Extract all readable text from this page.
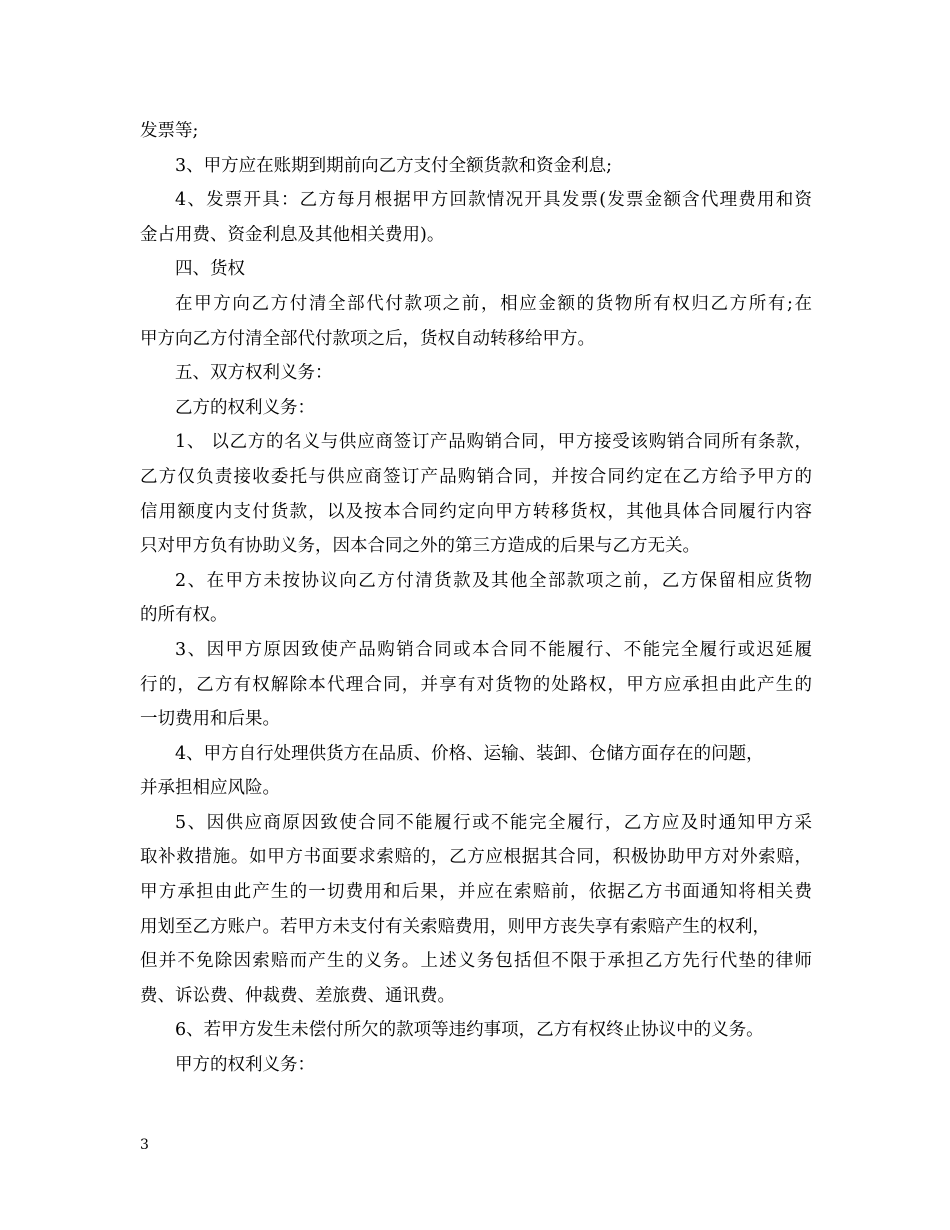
发票等;
3、甲方应在账期到期前向乙方支付全额货款和资金利息;
4、发票开具：乙方每月根据甲方回款情况开具发票(发票金额含代理费用和资
金占用费、资金利息及其他相关费用)。
四、货权
在甲方向乙方付清全部代付款项之前，相应金额的货物所有权归乙方所有;在
甲方向乙方付清全部代付款项之后，货权自动转移给甲方。
五、双方权利义务：
乙方的权利义务：
1、 以乙方的名义与供应商签订产品购销合同，甲方接受该购销合同所有条款，
乙方仅负责接收委托与供应商签订产品购销合同，并按合同约定在乙方给予甲方的
信用额度内支付货款，以及按本合同约定向甲方转移货权，其他具体合同履行内容
只对甲方负有协助义务，因本合同之外的第三方造成的后果与乙方无关。
2、在甲方未按协议向乙方付清货款及其他全部款项之前，乙方保留相应货物
的所有权。
3、因甲方原因致使产品购销合同或本合同不能履行、不能完全履行或迟延履
行的，乙方有权解除本代理合同，并享有对货物的处路权，甲方应承担由此产生的
一切费用和后果。
4、甲方自行处理供货方在品质、价格、运输、装卸、仓储方面存在的问题，
并承担相应风险。
5、因供应商原因致使合同不能履行或不能完全履行，乙方应及时通知甲方采
取补救措施。如甲方书面要求索赔的，乙方应根据其合同，积极协助甲方对外索赔，
甲方承担由此产生的一切费用和后果，并应在索赔前，依据乙方书面通知将相关费
用划至乙方账户。若甲方未支付有关索赔费用，则甲方丧失享有索赔产生的权利，
但并不免除因索赔而产生的义务。上述义务包括但不限于承担乙方先行代垫的律师
费、诉讼费、仲裁费、差旅费、通讯费。
6、若甲方发生未偿付所欠的款项等违约事项，乙方有权终止协议中的义务。
甲方的权利义务：
3
